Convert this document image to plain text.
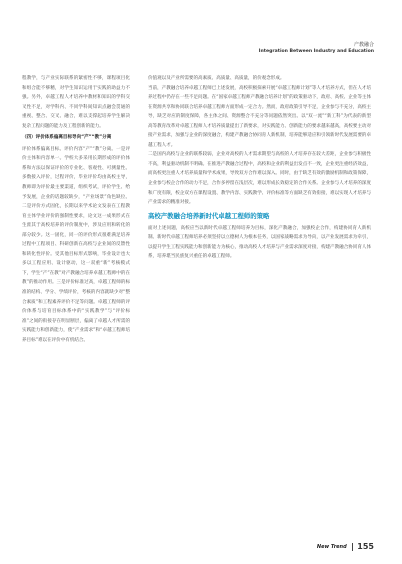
产教融合
Integration Between Industry and Education

程教学，与产业实际联系的紧密性不够，课程项目化和组合能不够精，对学生知识运用于实践的助益力不强。另外，卓越工程人才培养中教材和知识的学科交叉性不足，对学科内、不同学科间知识点融会贯通的重视、整合、交叉、融合，难以支撑起培养学生解决复杂工程问题的能力及工程创新的能力。

（四）评价体系偏离目标导向“产”“教”分离

评价体系偏离目标。评价内容“产”“教”分离。一是评价主体和内容单一。学校大多采用长期形成的评价体系和方法以保证评价的专业化、客观性、可测量性。多数接入评价，过程评价，毕业评价均由高校主导，教师即为评价最主要渠道，组织考试，评价学生、给予发展，企业的话题较缺少，“产业场景”角色缺位。二是评价方式固化，长期以来学术论文发表在工程教育主体学业评价的强制性要求，论文这一成果形式在生涯其于高校培养的评价制度中，涉及应用和转化的部分较少。这一固化，同一的评价形式很难满足培养过程中工程项目、科研创新在高校与企业间的反馈性和转化性评价。受其他目标形式影响，毕业设计也大多以工程应用、设计驱动，这一双重“新”考核模式下，学生“产”在教”对产教融合培养卓越工程师中的在教”的推动作用。三是评价标准过高，卓越工程师的标准的结构、学分、学绩评价，考核的内容就缺少对“整合素质”和工程素养评价不足等问题。卓越工程师的评价体系与培育目标体系中的“实践教学”与“评价标准”之间的衔接存在明显断层，偏离了卓越人才所需的实践能力和创新能力，使“产业需求”和“卓越工程师培养目标”难以在评价中有机结合。

价值观以及产业所需要的高素质、高质量、高质量，的价观念形成。

当前，产教融合培养卓越工程师已上述发展，高校积极探索开展“卓越工程师计划”等人才培养方式，但在人才培养过程中仍存在一些不足问题。在“国家卓越工程师产教融合培养计划”的政策驱动下，政府、高校、企业等主体在资源共享和协同联合培养卓越工程师方面形成一定合力。然而，政府政策引导不足，企业参与不充分，高校主导，缺乏对应的制度保障，各主体之间、资源整合不充分等问题依然突出。以“双一流”“新工科”为代表的新型高等教育改革对卓越工程师人才培养质量提出了新要求，对实践能力、创新能力的要求越来越高，高校要主动对接产业需求，加强与企业的深度融合，构建产教融合协同育人新机制，培养能够适应和引领新时代发展需要的卓越工程人才。

二是国内高校与企业的联系较弱，企业对高校的人才需求期望与高校的人才培养存在较大差距，企业参与积极性不高，利益驱动机制不明确。在推进产教融合过程中，高校和企业的利益出发点不一致，企业更注重经济效益，而高校更注重人才培养质量和学术成果，导致双方合作难以深入。同时，由于缺乏有效的激励机制和政策保障，企业参与校企合作的动力不足，合作多停留在浅层次，难以形成长效稳定的合作关系。企业参与人才培养的深度和广度有限，校企双方在课程设置、教学内容、实践教学、评价标准等方面缺乏有效衔接，难以实现人才培养与产业需求的精准对接。

高校产教融合培养新时代卓越工程师的策略

面对上述问题，高校应当以新时代卓越工程师培养为目标，深化产教融合，加强校企合作，构建协同育人新机制。新时代卓越工程师培养必须坚持以立德树人为根本任务，以国家战略需求为导向，以产业发展需求为牵引，以提升学生工程实践能力和创新能力为核心，推动高校人才培养与产业需求深度对接，构建产教融合协同育人体系，培养堪当民族复兴重任的卓越工程师。

New Trend 155
